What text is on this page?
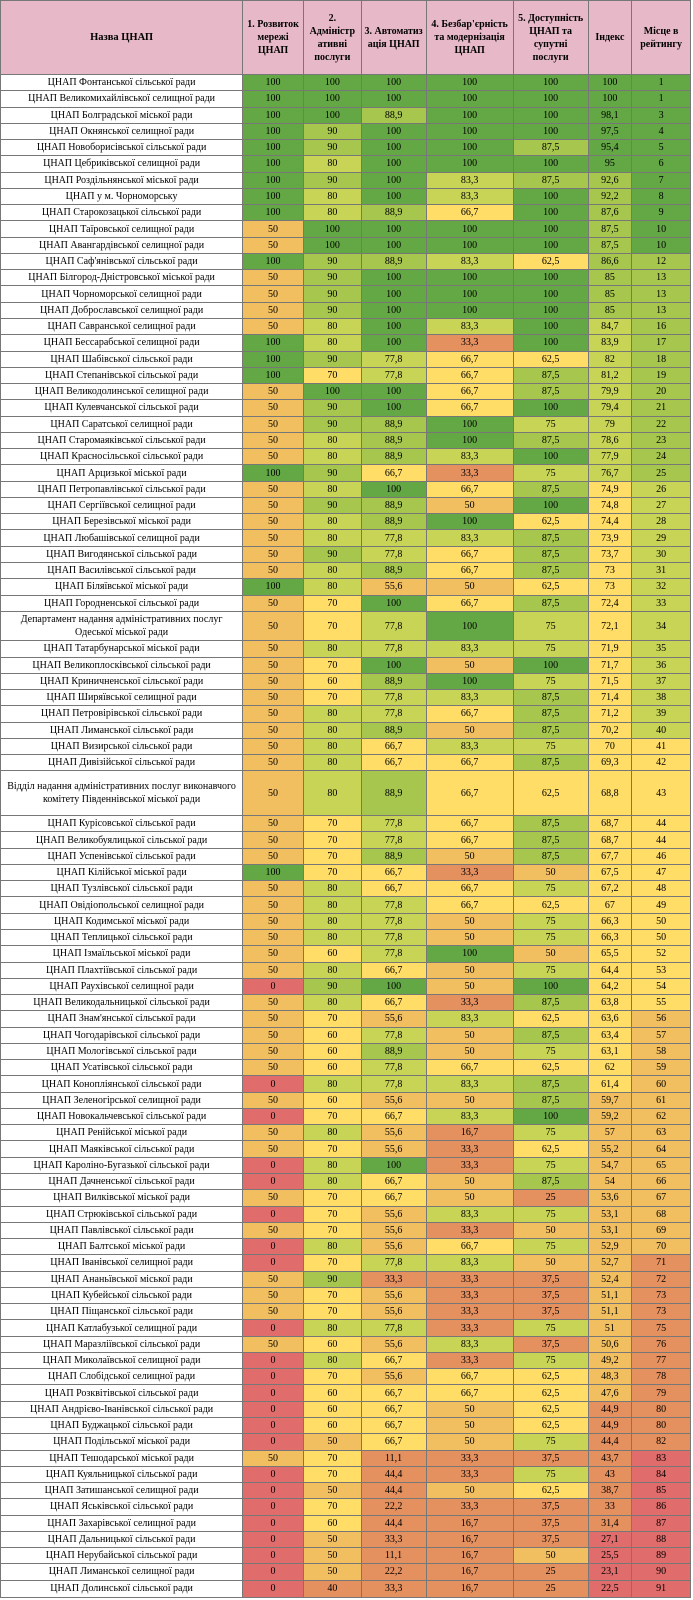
Назва ЦНАП	1. Розвиток мережі ЦНАП	2. Адміністр ативні послуги	3. Автоматиз ація ЦНАП	4. Безбар'єрність та модернізація ЦНАП	5. Доступність ЦНАП та супутні послуги	Індекс	Місце в рейтингу
ЦНАП Фонтанської сільської ради	100	100	100	100	100	100	1
ЦНАП Великомихайлівської селищної ради	100	100	100	100	100	100	1
ЦНАП Болградської міської ради	100	100	88,9	100	100	98,1	3
ЦНАП Окнянської селищної ради	100	90	100	100	100	97,5	4
ЦНАП Новоборисівської сільської ради	100	90	100	100	87,5	95,4	5
ЦНАП Цебриківської селищної ради	100	80	100	100	100	95	6
ЦНАП Роздільнянської міської ради	100	90	100	83,3	87,5	92,6	7
ЦНАП у м. Чорноморську	100	80	100	83,3	100	92,2	8
ЦНАП Старокозацької сільської ради	100	80	88,9	66,7	100	87,6	9
ЦНАП Таїровської селищної ради	50	100	100	100	100	87,5	10
ЦНАП Авангардівської селищної ради	50	100	100	100	100	87,5	10
ЦНАП Саф'янівської сільської ради	100	90	88,9	83,3	62,5	86,6	12
ЦНАП Білгород-Дністровської міської ради	50	90	100	100	100	85	13
ЦНАП Чорноморської селищної ради	50	90	100	100	100	85	13
ЦНАП Доброславської селищної ради	50	90	100	100	100	85	13
ЦНАП Савранської селищної ради	50	80	100	83,3	100	84,7	16
ЦНАП Бессарабської селищної ради	100	80	100	33,3	100	83,9	17
ЦНАП Шабівської сільської ради	100	90	77,8	66,7	62,5	82	18
ЦНАП Степанівської сільської ради	100	70	77,8	66,7	87,5	81,2	19
ЦНАП Великодолинської селищної ради	50	100	100	66,7	87,5	79,9	20
ЦНАП Кулевчанської сільської ради	50	90	100	66,7	100	79,4	21
ЦНАП Саратської селищної ради	50	90	88,9	100	75	79	22
ЦНАП Старомаяківської сільської ради	50	80	88,9	100	87,5	78,6	23
ЦНАП Красносільської сільської ради	50	80	88,9	83,3	100	77,9	24
ЦНАП Арцизької міської ради	100	90	66,7	33,3	75	76,7	25
ЦНАП Петропавлівської сільської ради	50	80	100	66,7	87,5	74,9	26
ЦНАП Сергіївської селищної ради	50	90	88,9	50	100	74,8	27
ЦНАП Березівської міської ради	50	80	88,9	100	62,5	74,4	28
ЦНАП Любашівської селищної ради	50	80	77,8	83,3	87,5	73,9	29
ЦНАП Вигодянської сільської ради	50	90	77,8	66,7	87,5	73,7	30
ЦНАП Василівської сільської ради	50	80	88,9	66,7	87,5	73	31
ЦНАП Біляївської міської ради	100	80	55,6	50	62,5	73	32
ЦНАП Городненської сільської ради	50	70	100	66,7	87,5	72,4	33
Департамент надання адміністративних послуг Одеської міської ради	50	70	77,8	100	75	72,1	34
ЦНАП Татарбунарської міської ради	50	80	77,8	83,3	75	71,9	35
ЦНАП Великоплосківської сільської ради	50	70	100	50	100	71,7	36
ЦНАП Криничненської сільської ради	50	60	88,9	100	75	71,5	37
ЦНАП Ширяївської селищної ради	50	70	77,8	83,3	87,5	71,4	38
ЦНАП Петровірівської сільської ради	50	80	77,8	66,7	87,5	71,2	39
ЦНАП Лиманської сільської ради	50	80	88,9	50	87,5	70,2	40
ЦНАП Визирської сільської ради	50	80	66,7	83,3	75	70	41
ЦНАП Дивізійської сільської ради	50	80	66,7	66,7	87,5	69,3	42
Відділ надання адміністративних послуг виконавчого комітету Південнівської міської ради	50	80	88,9	66,7	62,5	68,8	43
ЦНАП Курісовської сільської ради	50	70	77,8	66,7	87,5	68,7	44
ЦНАП Великобуялицької сільської ради	50	70	77,8	66,7	87,5	68,7	44
ЦНАП Успенівської сільської ради	50	70	88,9	50	87,5	67,7	46
ЦНАП Кілійської міської ради	100	70	66,7	33,3	50	67,5	47
ЦНАП Тузлівської сільської ради	50	80	66,7	66,7	75	67,2	48
ЦНАП Овідіопольської селищної ради	50	80	77,8	66,7	62,5	67	49
ЦНАП Кодимської міської ради	50	80	77,8	50	75	66,3	50
ЦНАП Теплицької сільської ради	50	80	77,8	50	75	66,3	50
ЦНАП Ізмаїльської міської ради	50	60	77,8	100	50	65,5	52
ЦНАП Плахтіївської сільської ради	50	80	66,7	50	75	64,4	53
ЦНАП Раухівської селищної ради	0	90	100	50	100	64,2	54
ЦНАП Великодальницької сільської ради	50	80	66,7	33,3	87,5	63,8	55
ЦНАП Знам'янської сільської ради	50	70	55,6	83,3	62,5	63,6	56
ЦНАП Чогодарівської сільської ради	50	60	77,8	50	87,5	63,4	57
ЦНАП Мологівської сільської ради	50	60	88,9	50	75	63,1	58
ЦНАП Усатівської сільської ради	50	60	77,8	66,7	62,5	62	59
ЦНАП Конопліянської сільської ради	0	80	77,8	83,3	87,5	61,4	60
ЦНАП Зеленогірської селищної ради	50	60	55,6	50	87,5	59,7	61
ЦНАП Новокальчевської сільської ради	0	70	66,7	83,3	100	59,2	62
ЦНАП Ренійської міської ради	50	80	55,6	16,7	75	57	63
ЦНАП Маяківської сільської ради	50	70	55,6	33,3	62,5	55,2	64
ЦНАП Кароліно-Бугазької сільської ради	0	80	100	33,3	75	54,7	65
ЦНАП Дачненської сільської ради	0	80	66,7	50	87,5	54	66
ЦНАП Вилківської міської ради	50	70	66,7	50	25	53,6	67
ЦНАП Стрюківської сільської ради	0	70	55,6	83,3	75	53,1	68
ЦНАП Павлівської сільської ради	50	70	55,6	33,3	50	53,1	69
ЦНАП Балтської міської ради	0	80	55,6	66,7	75	52,9	70
ЦНАП Іванівської селищної ради	0	70	77,8	83,3	50	52,7	71
ЦНАП Ананьївської міської ради	50	90	33,3	33,3	37,5	52,4	72
ЦНАП Кубейської сільської ради	50	70	55,6	33,3	37,5	51,1	73
ЦНАП Піщанської сільської ради	50	70	55,6	33,3	37,5	51,1	73
ЦНАП Катлабузької селищної ради	0	80	77,8	33,3	75	51	75
ЦНАП Маразліївської сільської ради	50	60	55,6	83,3	37,5	50,6	76
ЦНАП Миколаївської селищної ради	0	80	66,7	33,3	75	49,2	77
ЦНАП Слобідської селищної ради	0	70	55,6	66,7	62,5	48,3	78
ЦНАП Розквітівської сільської ради	0	60	66,7	66,7	62,5	47,6	79
ЦНАП Андрієво-Іванівської сільської ради	0	60	66,7	50	62,5	44,9	80
ЦНАП Буджацької сільської ради	0	60	66,7	50	62,5	44,9	80
ЦНАП Подільської міської ради	0	50	66,7	50	75	44,4	82
ЦНАП Тешодарської міської ради	50	70	11,1	33,3	37,5	43,7	83
ЦНАП Куяльницької сільської ради	0	70	44,4	33,3	75	43	84
ЦНАП Затишанської селищної ради	0	50	44,4	50	62,5	38,7	85
ЦНАП Яськівської сільської ради	0	70	22,2	33,3	37,5	33	86
ЦНАП Захарівської селищної ради	0	60	44,4	16,7	37,5	31,4	87
ЦНАП Дальницької сільської ради	0	50	33,3	16,7	37,5	27,1	88
ЦНАП Нерубайської сільської ради	0	50	11,1	16,7	50	25,5	89
ЦНАП Лиманської селищної ради	0	50	22,2	16,7	25	23,1	90
ЦНАП Долинської сільської ради	0	40	33,3	16,7	25	22,5	91
